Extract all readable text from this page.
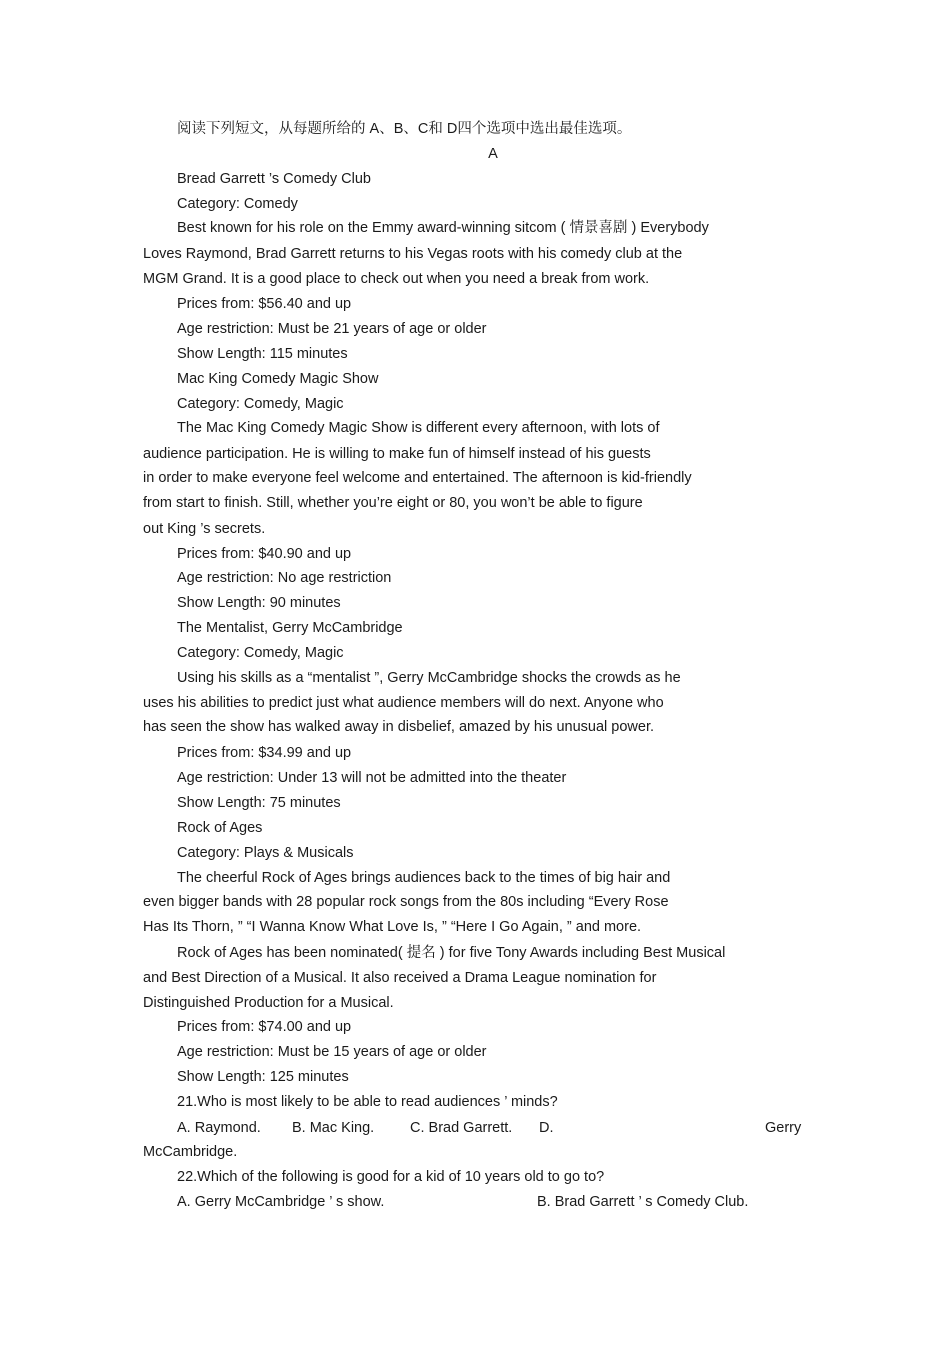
阅读下列短文，从每题所给的 A、B、C和 D四个选项中选出最佳选项。
A
Bread Garrett ’s Comedy Club
Category: Comedy
Best known for his role on the Emmy award-winning sitcom ( 情景喜剧 ) Everybody
Loves Raymond, Brad Garrett returns to his Vegas roots with his comedy club at the
MGM Grand. It is a good place to check out when you need a break from work.
Prices from: $56.40 and up
Age restriction: Must be 21 years of age or older
Show Length: 115 minutes
Mac King Comedy Magic Show
Category: Comedy, Magic
The Mac King Comedy Magic Show is different every afternoon, with lots of
audience participation. He is willing to make fun of himself instead of his guests
in order to make everyone feel welcome and entertained. The afternoon is kid-friendly
from start to finish. Still, whether you’re eight or 80, you won’t be able to figure
out King ’s secrets.
Prices from: $40.90 and up
Age restriction: No age restriction
Show Length: 90 minutes
The Mentalist, Gerry McCambridge
Category: Comedy, Magic
Using his skills as a “mentalist ”, Gerry McCambridge shocks the crowds as he
uses his abilities to predict just what audience members will do next. Anyone who
has seen the show has walked away in disbelief, amazed by his unusual power.
Prices from: $34.99 and up
Age restriction: Under 13 will not be admitted into the theater
Show Length: 75 minutes
Rock of Ages
Category: Plays & Musicals
The cheerful Rock of Ages brings audiences back to the times of big hair and
even bigger bands with 28 popular rock songs from the 80s including “Every Rose
Has Its Thorn, ” “I Wanna Know What Love Is, ” “Here I Go Again, ” and more.
Rock of Ages has been nominated( 提名 ) for five Tony Awards including Best Musical
and Best Direction of a Musical. It also received a Drama League nomination for
Distinguished Production for a Musical.
Prices from: $74.00 and up
Age restriction: Must be 15 years of age or older
Show Length: 125 minutes
21.Who is most likely to be able to read audiences ’ minds?
A. Raymond. B. Mac King. C. Brad Garrett. D.	Gerry
McCambridge.
22.Which of the following is good for a kid of 10 years old to go to?
A. Gerry McCambridge ’ s show.	B. Brad Garrett ’ s Comedy Club.
